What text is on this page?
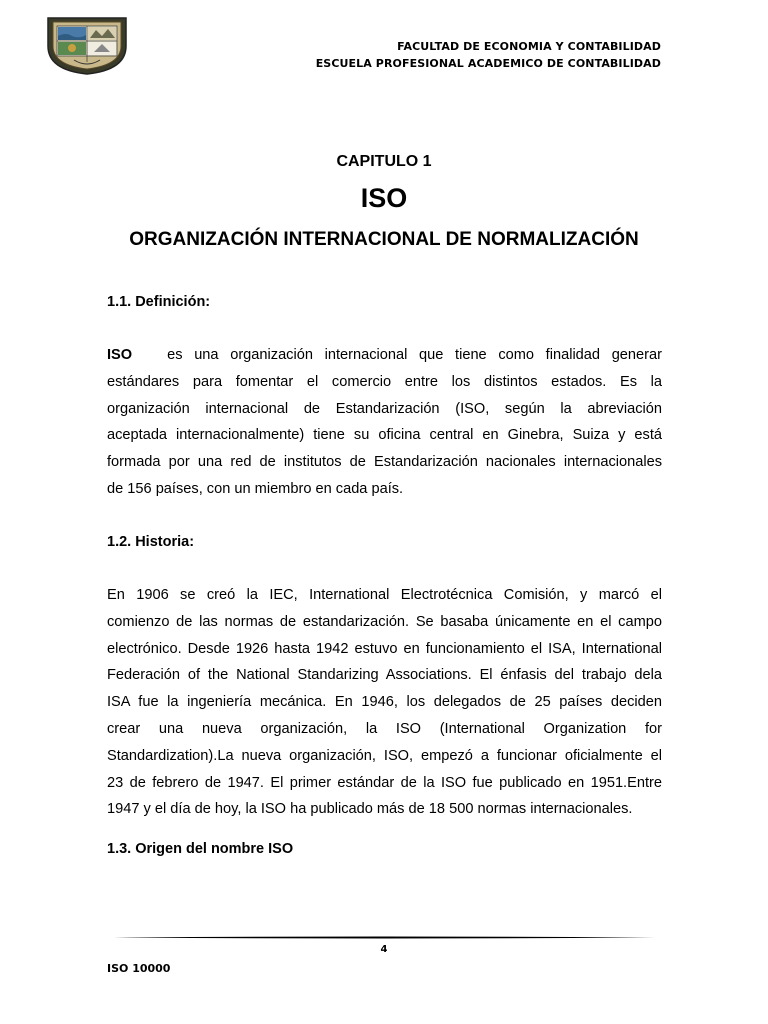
FACULTAD DE ECONOMIA Y CONTABILIDAD
ESCUELA PROFESIONAL ACADEMICO DE CONTABILIDAD
CAPITULO 1
ISO
ORGANIZACIÓN INTERNACIONAL DE NORMALIZACIÓN
1.1. Definición:
ISO es una organización internacional que tiene como finalidad generar
estándares para fomentar el comercio entre los distintos estados. Es la
organización internacional de Estandarización (ISO, según la abreviación
aceptada internacionalmente) tiene su oficina central en Ginebra, Suiza y está
formada por una red de institutos de Estandarización nacionales internacionales
de 156 países, con un miembro en cada país.
1.2. Historia:
En 1906 se creó la IEC, International Electrotécnica Comisión, y marcó el
comienzo de las normas de estandarización. Se basaba únicamente en el campo
electrónico. Desde 1926 hasta 1942 estuvo en funcionamiento el ISA, International
Federación of the National Standarizing Associations. El énfasis del trabajo dela
ISA fue la ingeniería mecánica. En 1946, los delegados de 25 países deciden
crear una nueva organización, la ISO (International Organization for
Standardization).La nueva organización, ISO, empezó a funcionar oficialmente el
23 de febrero de 1947. El primer estándar de la ISO fue publicado en 1951.Entre
1947 y el día de hoy, la ISO ha publicado más de 18 500 normas internacionales.
1.3. Origen del nombre ISO
4
ISO 10000
